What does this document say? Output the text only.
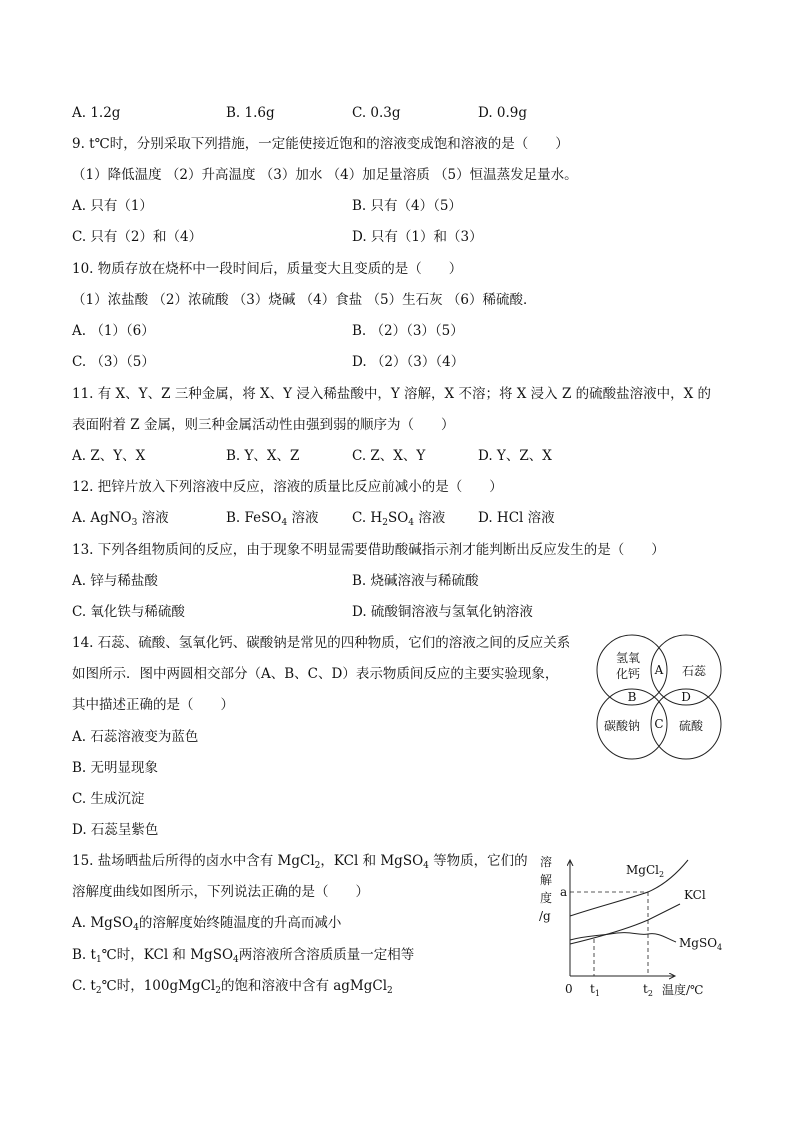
A. 1.2g	B. 1.6g	C. 0.3g	D. 0.9g
9. t℃时，分别采取下列措施，一定能使接近饱和的溶液变成饱和溶液的是（　　）
（1）降低温度 （2）升高温度 （3）加水 （4）加足量溶质 （5）恒温蒸发足量水。
A. 只有（1）	B. 只有（4）（5）
C. 只有（2）和（4）	D. 只有（1）和（3）
10. 物质存放在烧杯中一段时间后，质量变大且变质的是（　　）
（1）浓盐酸 （2）浓硫酸 （3）烧碱 （4）食盐 （5）生石灰 （6）稀硫酸．
A. （1）（6）	B. （2）（3）（5）
C. （3）（5）	D. （2）（3）（4）
11. 有 X、Y、Z 三种金属，将 X、Y 浸入稀盐酸中，Y 溶解，X 不溶；将 X 浸入 Z 的硫酸盐溶液中，X 的
表面附着 Z 金属，则三种金属活动性由强到弱的顺序为（　　）
A. Z、Y、X	B. Y、X、Z	C. Z、X、Y	D. Y、Z、X
12. 把锌片放入下列溶液中反应，溶液的质量比反应前减小的是（　　）
A. AgNO$_3$ 溶液	B. FeSO$_4$ 溶液 C. $H_2SO_4$ 溶液 D. HCl 溶液
13. 下列各组物质间的反应，由于现象不明显需要借助酸碱指示剂才能判断出反应发生的是（　　）
A. 锌与稀盐酸	B. 烧碱溶液与稀硫酸
C. 氧化铁与稀硫酸	D. 硫酸铜溶液与氢氧化钠溶液
14. 石蕊、硫酸、氢氧化钙、碳酸钠是常见的四种物质，它们的溶液之间的反应关系
如图所示．图中两圆相交部分（A、B、C、D）表示物质间反应的主要实验现象，
其中描述正确的是（　　）
A. 石蕊溶液变为蓝色
B. 无明显现象
C. 生成沉淀
D. 石蕊呈紫色
氢氧
化钙	石蕊
碳酸钠	硫酸
A
B	D
C
15. 盐场晒盐后所得的卤水中含有 MgCl$_2$，KCl 和 MgSO$_4$ 等物质，它们的
溶解度曲线如图所示，下列说法正确的是（　　）
A. MgSO$_4$的溶解度始终随温度的升高而减小
B. $t_1℃$时，KCl 和 MgSO$_4$两溶液所含溶质质量一定相等
C. $t_2℃$时，100gMgCl$_2$的饱和溶液中含有 agMgCl$_2$
溶
解
度
/g
a
0 $t_1$	$t_2$ 温度/℃
MgCl$_2$
KCl
MgSO$_4$
